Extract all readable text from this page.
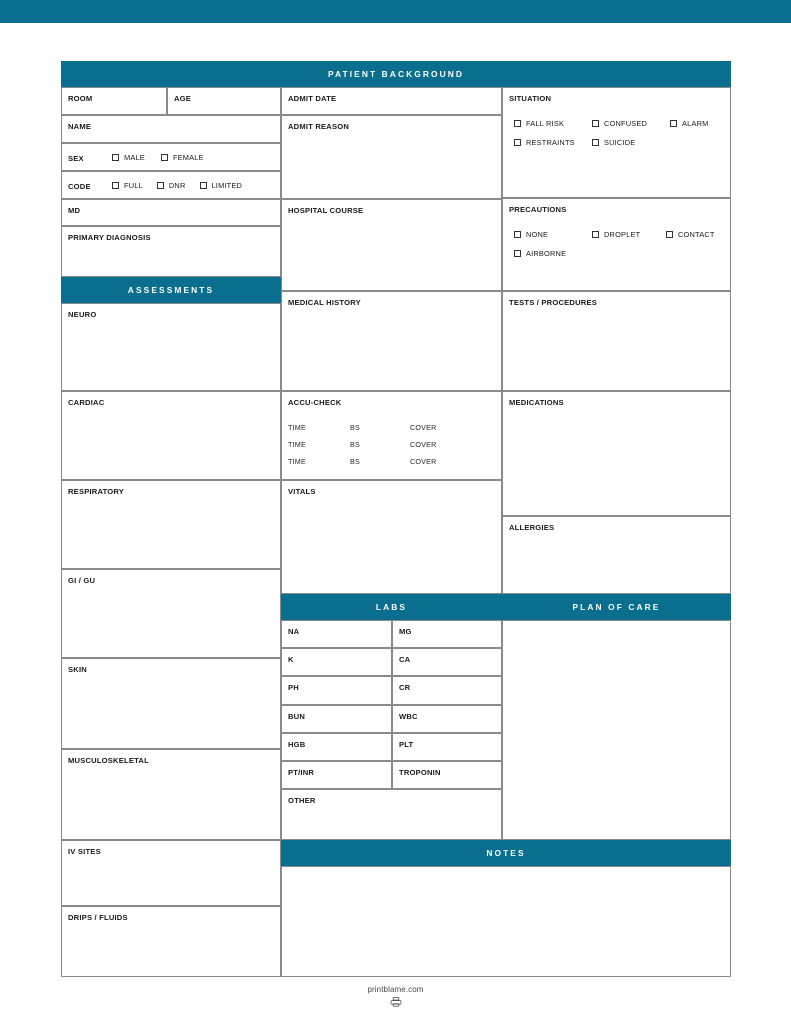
PATIENT BACKGROUND
ROOM	AGE
NAME
SEX	MALE	FEMALE
CODE	FULL	DNR	LIMITED
MD
PRIMARY DIAGNOSIS
ASSESSMENTS
NEURO
CARDIAC
RESPIRATORY
GI / GU
SKIN
MUSCULOSKELETAL
IV SITES
DRIPS / FLUIDS
ADMIT DATE
ADMIT REASON
HOSPITAL COURSE
MEDICAL HISTORY
ACCU-CHECK
TIME	BS	COVER
TIME	BS	COVER
TIME	BS	COVER
VITALS
LABS
NA	MG
K	CA
PH	CR
BUN	WBC
HGB	PLT
PT/INR	TROPONIN
OTHER
SITUATION
FALL RISK	CONFUSED	ALARM
RESTRAINTS	SUICIDE
PRECAUTIONS
NONE	DROPLET	CONTACT
AIRBORNE
TESTS / PROCEDURES
MEDICATIONS
ALLERGIES
PLAN OF CARE
NOTES
printblame.com
